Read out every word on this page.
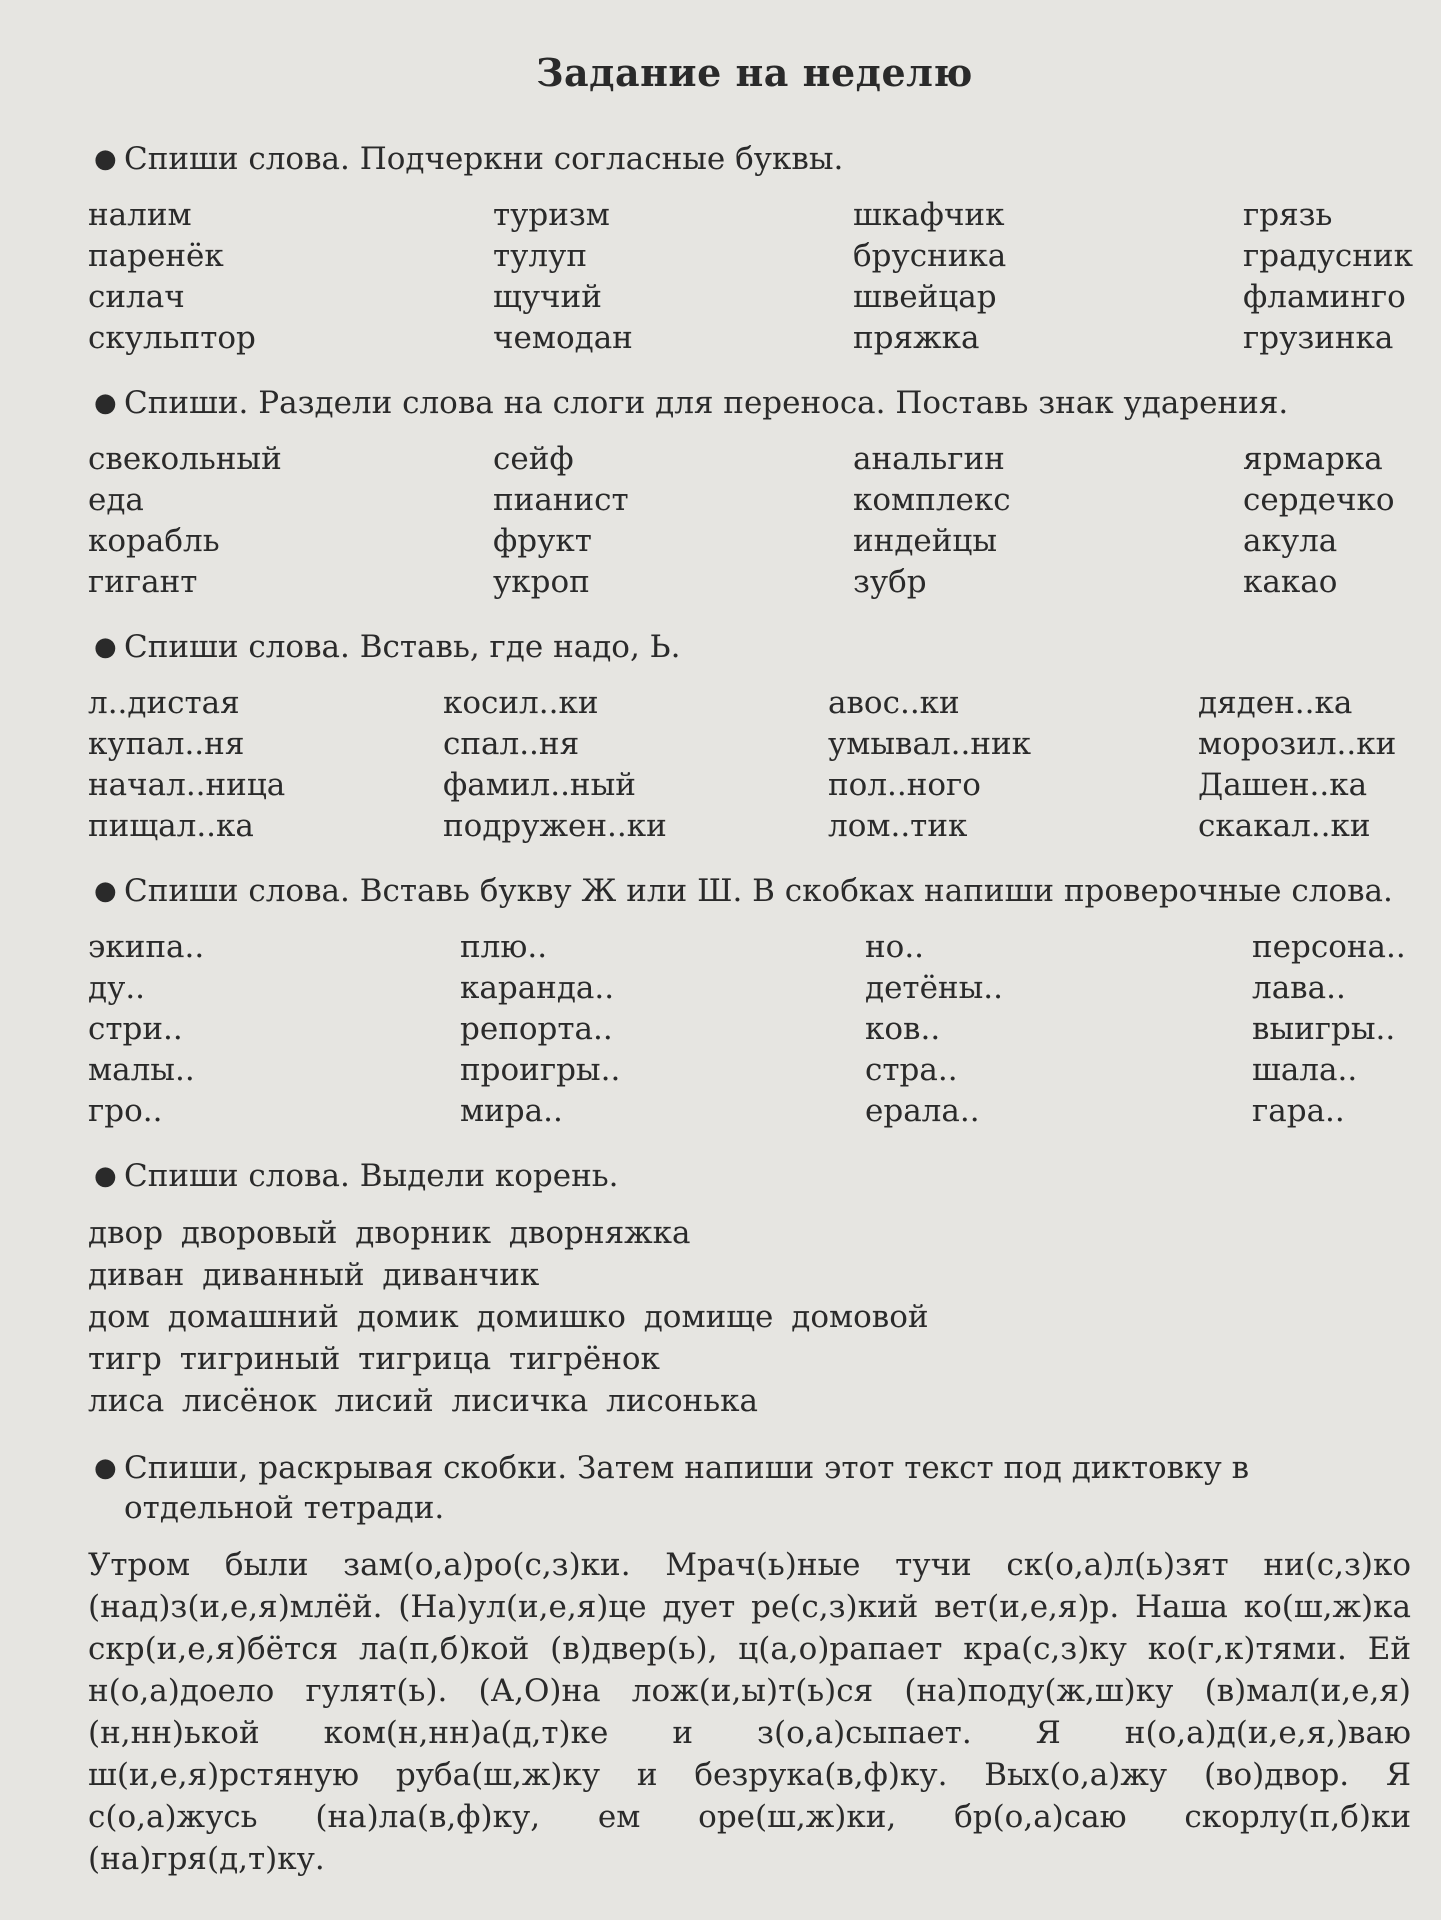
Задание на неделю
● Спиши слова. Подчеркни согласные буквы.
налим
паренёк
силач
скульптор
туризм
тулуп
щучий
чемодан
шкафчик
брусника
швейцар
пряжка
грязь
градусник
фламинго
грузинка
● Спиши. Раздели слова на слоги для переноса. Поставь знак ударения.
свекольный
еда
корабль
гигант
сейф
пианист
фрукт
укроп
анальгин
комплекс
индейцы
зубр
ярмарка
сердечко
акула
какао
● Спиши слова. Вставь, где надо, Ь.
л..дистая
купал..ня
начал..ница
пищал..ка
косил..ки
спал..ня
фамил..ный
подружен..ки
авос..ки
умывал..ник
пол..ного
лом..тик
дяден..ка
морозил..ки
Дашен..ка
скакал..ки
● Спиши слова. Вставь букву Ж или Ш. В скобках напиши проверочные слова.
экипа..
ду..
стри..
малы..
гро..
плю..
каранда..
репорта..
проигры..
мира..
но..
детёны..
ков..
стра..
ерала..
персона..
лава..
выигры..
шала..
гара..
● Спиши слова. Выдели корень.
двор дворовый дворник дворняжка
диван диванный диванчик
дом домашний домик домишко домище домовой
тигр тигриный тигрица тигрёнок
лиса лисёнок лисий лисичка лисонька
● Спиши, раскрывая скобки. Затем напиши этот текст под диктовку в отдельной тетради.
Утром были зам(о,а)ро(с,з)ки. Мрач(ь)ные тучи ск(о,а)л(ь)зят ни(с,з)ко (над)з(и,е,я)млёй. (На)ул(и,е,я)це дует ре(с,з)кий вет(и,е,я)р. Наша ко(ш,ж)ка скр(и,е,я)бётся ла(п,б)кой (в)двер(ь), ц(а,о)рапает кра(с,з)ку ко(г,к)тями. Ей н(о,а)доело гулят(ь). (А,О)на лож(и,ы)т(ь)ся (на)поду(ж,ш)ку (в)мал(и,е,я)(н,нн)ькой ком(н,нн)а(д,т)ке и з(о,а)сыпает. Я н(о,а)д(и,е,я,)ваю ш(и,е,я)рстяную руба(ш,ж)ку и безрука(в,ф)ку. Вых(о,а)жу (во)двор. Я с(о,а)жусь (на)ла(в,ф)ку, ем оре(ш,ж)ки, бр(о,а)саю скорлу(п,б)ки (на)гря(д,т)ку.
